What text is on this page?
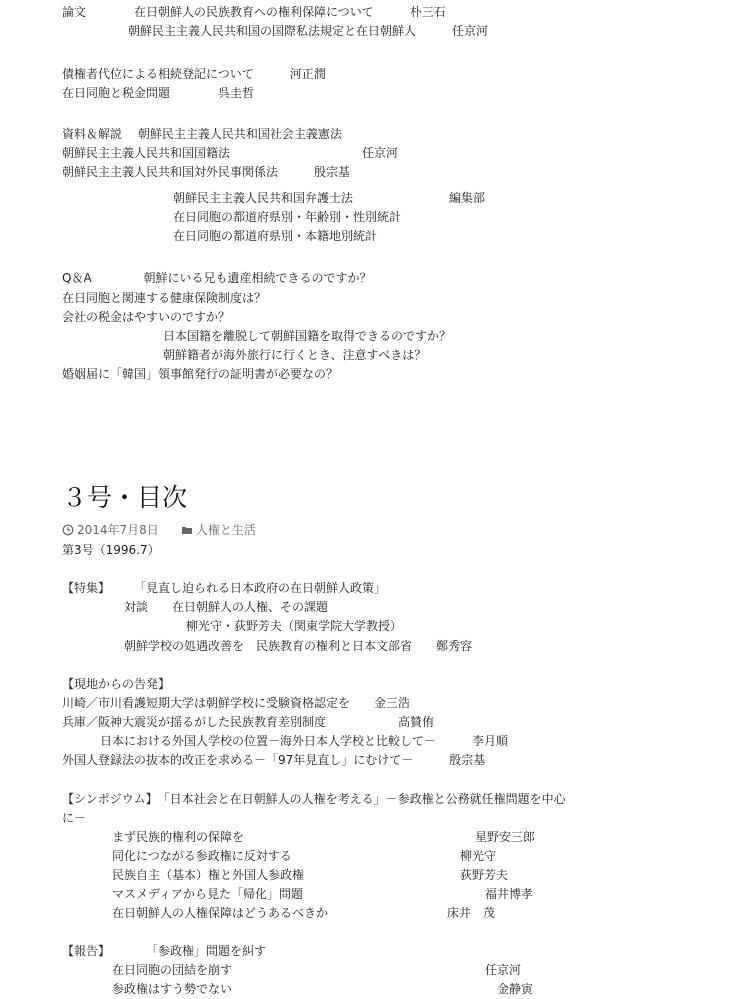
論文　　　　在日朝鮮人の民族教育への権利保障について　　　朴三石
朝鮮民主主義人民共和国の国際私法規定と在日朝鮮人　　　任京河
債権者代位による相続登記について　　　河正潤
在日同胞と税金問題　　　　呉圭哲
資料＆解説　 朝鮮民主主義人民共和国社会主義憲法
朝鮮民主主義人民共和国国籍法　　　　　　　　　　　任京河
朝鮮民主主義人民共和国対外民事関係法　　　殷宗基
朝鮮民主主義人民共和国弁護士法　　　　　　　　編集部
在日同胞の都道府県別・年齢別・性別統計
在日同胞の都道府県別・本籍地別統計
Q＆A　　　　 朝鮮にいる兄も遺産相続できるのですか？
在日同胞と関連する健康保険制度は？
会社の税金はやすいのですか？
日本国籍を離脱して朝鮮国籍を取得できるのですか？
朝鮮籍者が海外旅行に行くとき、注意すべきは？
婚姻届に「韓国」領事館発行の証明書が必要なの？
３号・目次
2014年7月8日	人権と生活
第3号（1996.7）
【特集】　　　「見直し迫られる日本政府の在日朝鮮人政策」
対談　　在日朝鮮人の人権、その課題
柳光守・荻野芳夫（関東学院大学教授）
朝鮮学校の処遇改善を　民族教育の権利と日本文部省　　鄭秀容
【現地からの告発】
川崎／市川看護短期大学は朝鮮学校に受験資格認定を　　金三浩
兵庫／阪神大震災が揺るがした民族教育差別制度　　　　　　高贊侑
日本における外国人学校の位置－海外日本人学校と比較して－　　　李月順
外国人登録法の抜本的改正を求める－「97年見直し」にむけて－　　　殷宗基
【シンポジウム】　「日本社会と在日朝鮮人の人権を考える」－参政権と公務就任権問題を中心
に－
まず民族的権利の保障を	星野安三郎
同化につながる参政権に反対する	柳光守
民族自主（基本）権と外国人参政権	荻野芳夫
マスメディアから見た「帰化」問題	福井博孝
在日朝鮮人の人権保障はどうあるべきか	床井　茂
【報告】　　　　「参政権」問題を糾す
在日同胞の団結を崩す	任京河
参政権はすう勢でない	金静寅
